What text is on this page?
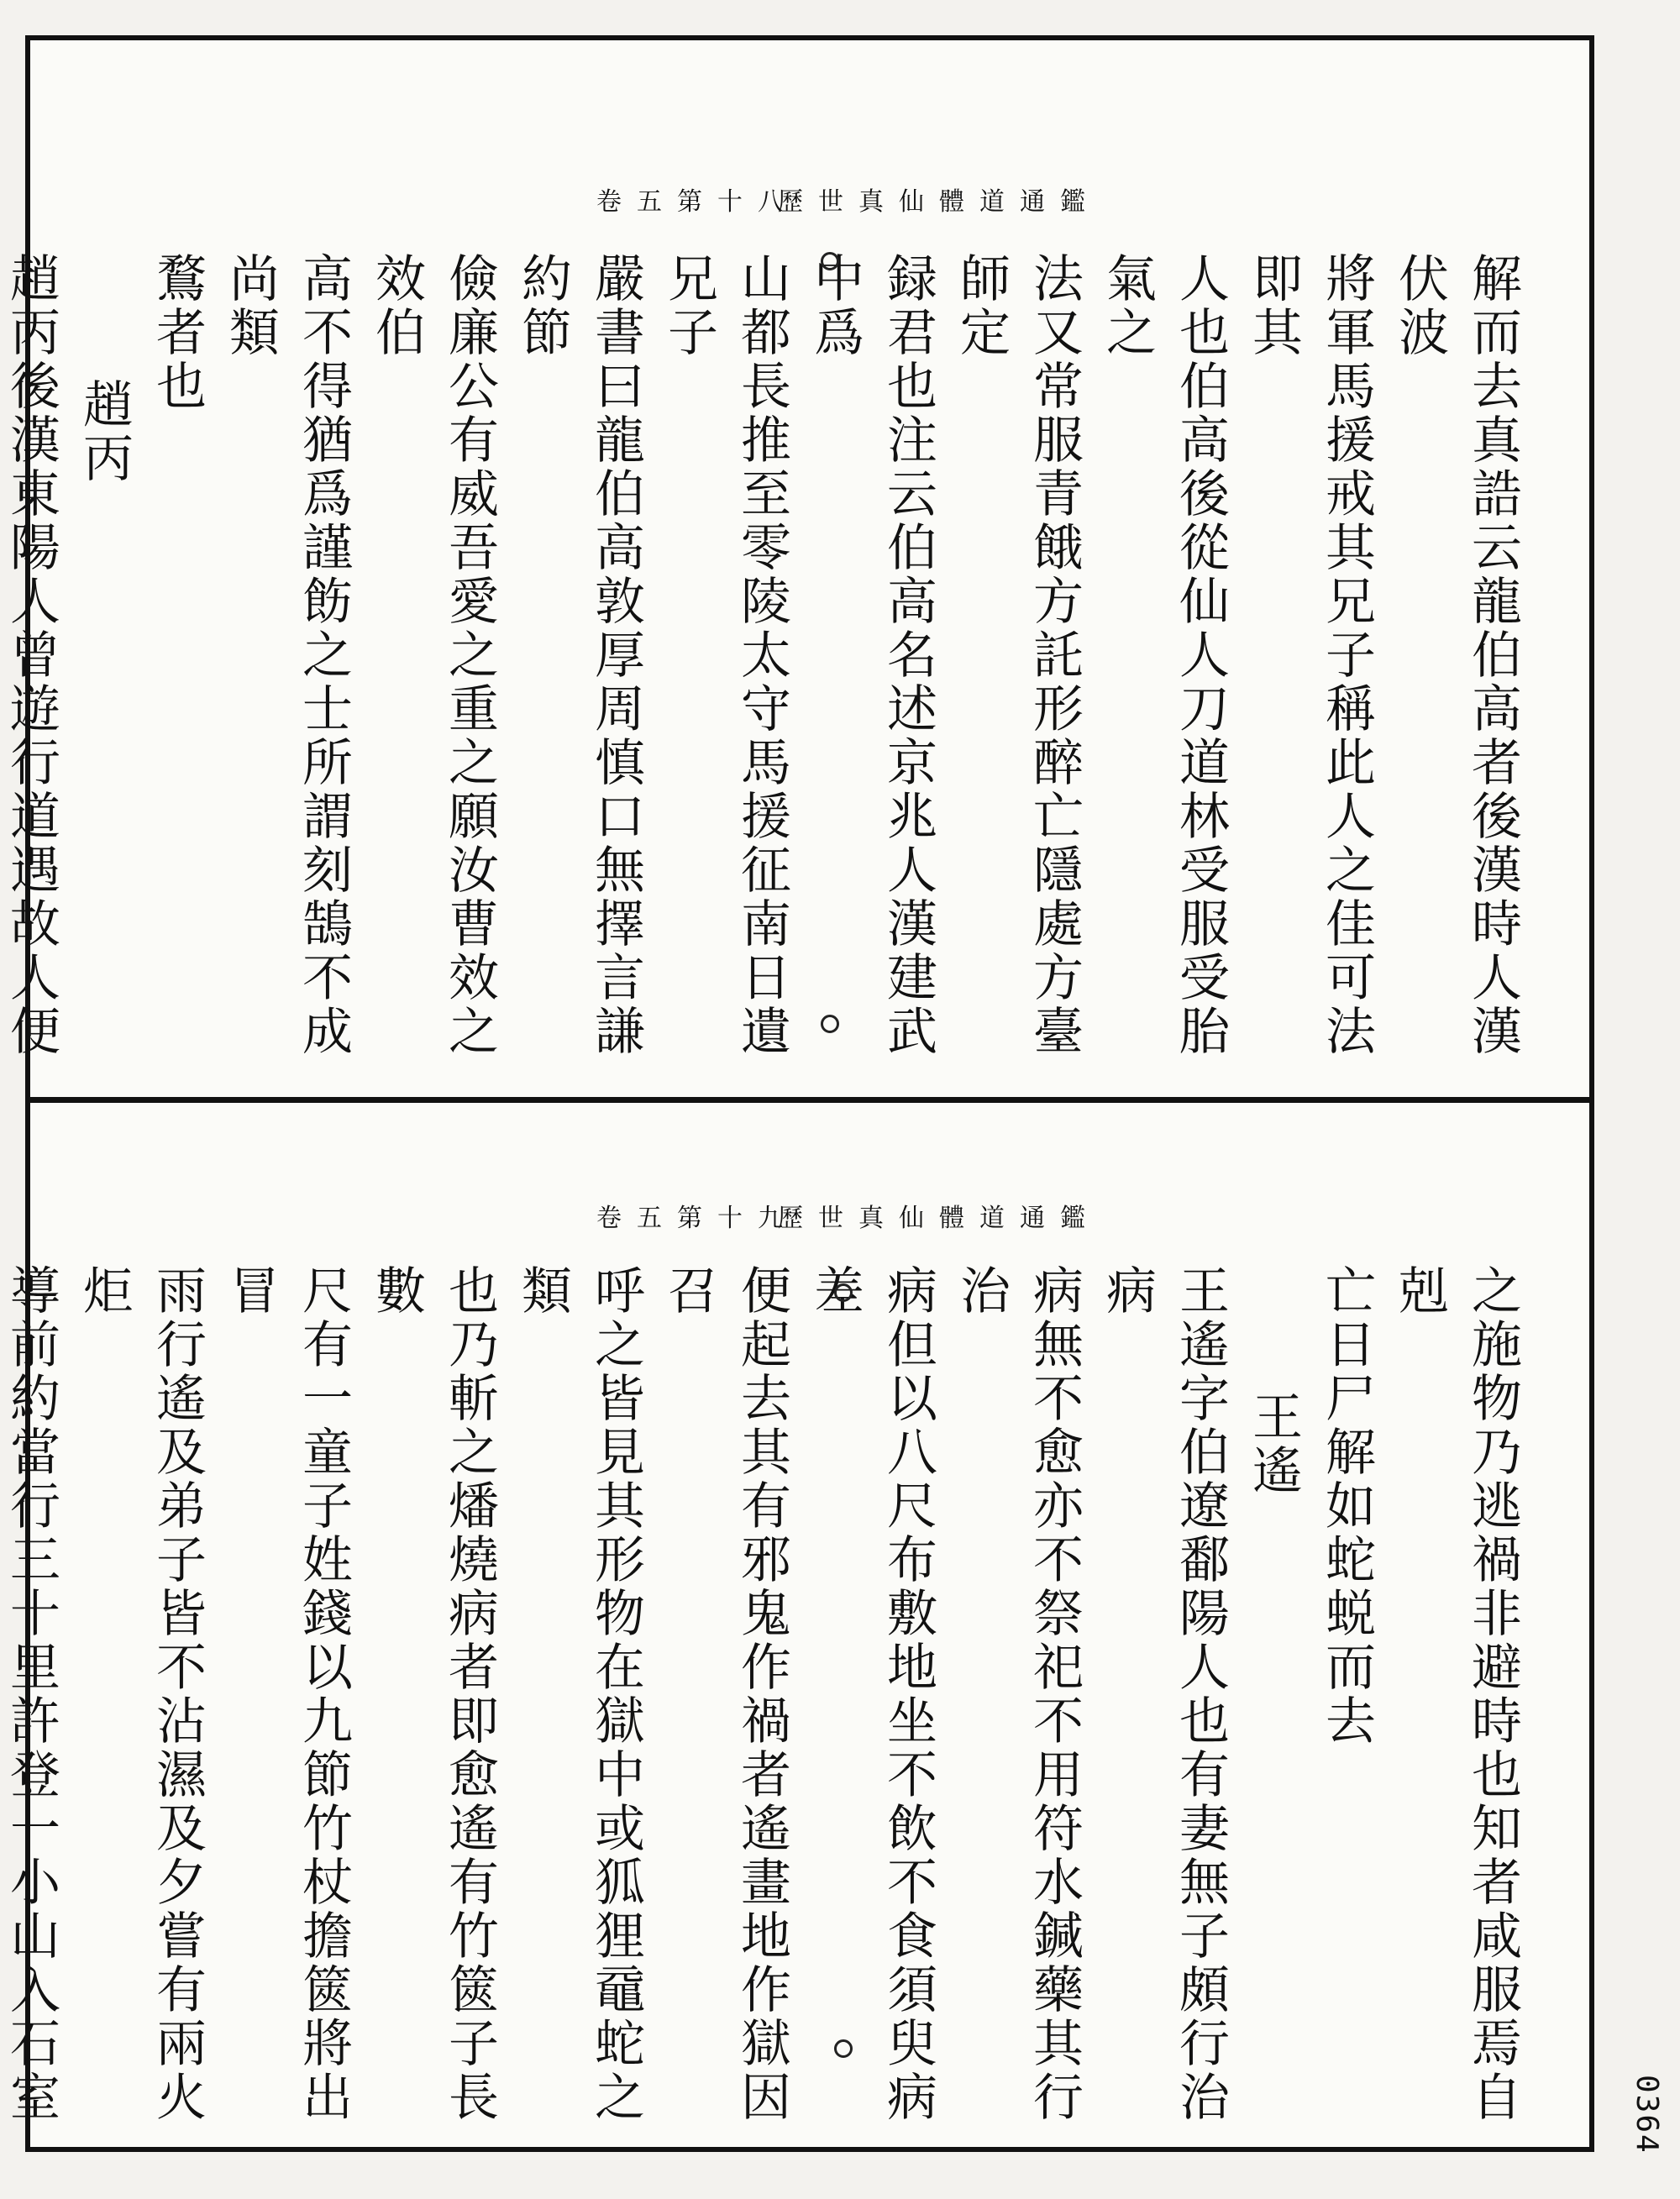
歷世真仙體道通鑑
卷五第十八
解而去真誥云龍伯高者後漢時人漢伏波
將軍馬援戒其兄子稱此人之佳可法即其
人也伯高後從仙人刀道林受服受胎氣之
法又常服青餓方託形醉亡隱處方臺師定
録君也注云伯高名述京兆人漢建武中爲
山都長推至零陵太守馬援征南日遺兄子
嚴書曰龍伯高敦厚周慎口無擇言謙約節
儉廉公有威吾愛之重之願汝曹效之效伯
高不得猶爲謹飭之士所謂刻鵠不成尚類
鶩者也
趙丙
趙丙後漢東陽人曾遊行道遇故人便
歷世真仙體道通鑑
卷五第十九
之施物乃逃禍非避時也知者咸服焉自剋
亡日尸解如蛇蜕而去
王遙
王遙字伯遼鄱陽人也有妻無子頗行治病
病無不愈亦不祭祀不用符水鍼藥其行治
病但以八尺布敷地坐不飲不食須臾病差
便起去其有邪鬼作禍者遙畫地作獄因召
呼之皆見其形物在獄中或狐狸黿蛇之類
也乃斬之燔燒病者即愈遙有竹篋子長數
尺有一童子姓錢以九節竹杖擔篋將出冒
雨行遙及弟子皆不沾濕及夕嘗有兩火炬
導前約當行三十里許登一小山入石室	0364
